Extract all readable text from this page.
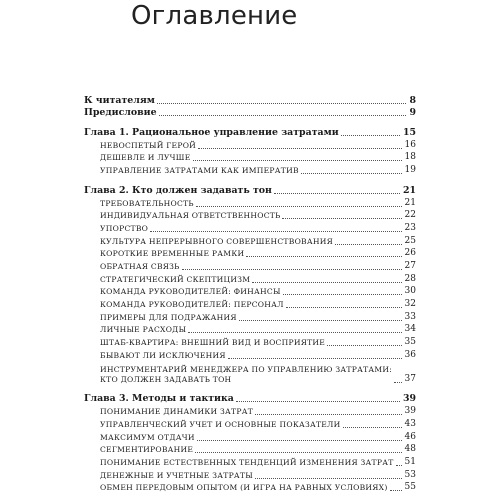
Оглавление
К читателям	8
Предисловие	9
Глава 1. Рациональное управление затратами	15
НЕВОСПЕТЫЙ ГЕРОЙ	16
ДЕШЕВЛЕ И ЛУЧШЕ	18
УПРАВЛЕНИЕ ЗАТРАТАМИ КАК ИМПЕРАТИВ	19
Глава 2. Кто должен задавать тон	21
ТРЕБОВАТЕЛЬНОСТЬ	21
ИНДИВИДУАЛЬНАЯ ОТВЕТСТВЕННОСТЬ	22
УПОРСТВО	23
КУЛЬТУРА НЕПРЕРЫВНОГО СОВЕРШЕНСТВОВАНИЯ	25
КОРОТКИЕ ВРЕМЕННЫЕ РАМКИ	26
ОБРАТНАЯ СВЯЗЬ	27
СТРАТЕГИЧЕСКИЙ СКЕПТИЦИЗМ	28
КОМАНДА РУКОВОДИТЕЛЕЙ: ФИНАНСЫ	30
КОМАНДА РУКОВОДИТЕЛЕЙ: ПЕРСОНАЛ	32
ПРИМЕРЫ ДЛЯ ПОДРАЖАНИЯ	33
ЛИЧНЫЕ РАСХОДЫ	34
ШТАБ-КВАРТИРА: ВНЕШНИЙ ВИД И ВОСПРИЯТИЕ	35
БЫВАЮТ ЛИ ИСКЛЮЧЕНИЯ	36
ИНСТРУМЕНТАРИЙ МЕНЕДЖЕРА ПО УПРАВЛЕНИЮ ЗАТРАТАМИ:
КТО ДОЛЖЕН ЗАДАВАТЬ ТОН	37
Глава 3. Методы и тактика	39
ПОНИМАНИЕ ДИНАМИКИ ЗАТРАТ	39
УПРАВЛЕНЧЕСКИЙ УЧЕТ И ОСНОВНЫЕ ПОКАЗАТЕЛИ	43
МАКСИМУМ ОТДАЧИ	46
СЕГМЕНТИРОВАНИЕ	48
ПОНИМАНИЕ ЕСТЕСТВЕННЫХ ТЕНДЕНЦИЙ ИЗМЕНЕНИЯ ЗАТРАТ 51
ДЕНЕЖНЫЕ И УЧЕТНЫЕ ЗАТРАТЫ	53
ОБМЕН ПЕРЕДОВЫМ ОПЫТОМ (И ИГРА НА РАВНЫХ УСЛОВИЯХ) 55
